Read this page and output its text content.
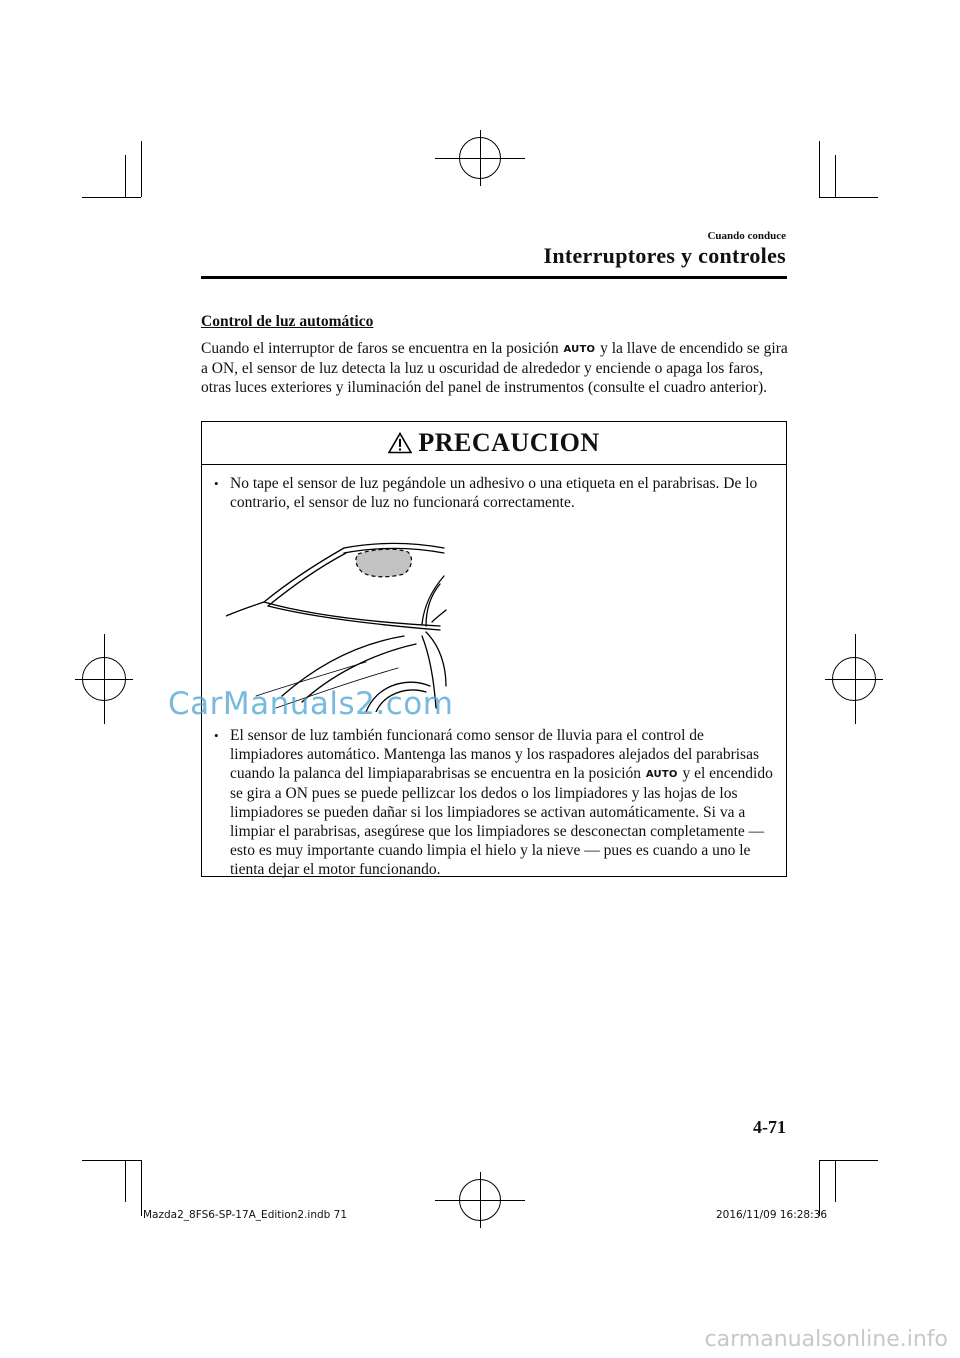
Cuando conduce
Interruptores y controles
Control de luz automático
Cuando el interruptor de faros se encuentra en la posición AUTO y la llave de encendido se gira a ON, el sensor de luz detecta la luz u oscuridad de alrededor y enciende o apaga los faros, otras luces exteriores y iluminación del panel de instrumentos (consulte el cuadro anterior).
PRECAUCION
• No tape el sensor de luz pegándole un adhesivo o una etiqueta en el parabrisas. De lo contrario, el sensor de luz no funcionará correctamente.
• El sensor de luz también funcionará como sensor de lluvia para el control de limpiadores automático. Mantenga las manos y los raspadores alejados del parabrisas cuando la palanca del limpiaparabrisas se encuentra en la posición AUTO y el encendido se gira a ON pues se puede pellizcar los dedos o los limpiadores y las hojas de los limpiadores se pueden dañar si los limpiadores se activan automáticamente. Si va a limpiar el parabrisas, asegúrese que los limpiadores se desconectan completamente — esto es muy importante cuando limpia el hielo y la nieve — pues es cuando a uno le tienta dejar el motor funcionando.
CarManuals2.com
4-71
Mazda2_8FS6-SP-17A_Edition2.indb 71	2016/11/09 16:28:36
carmanualsonline.info
